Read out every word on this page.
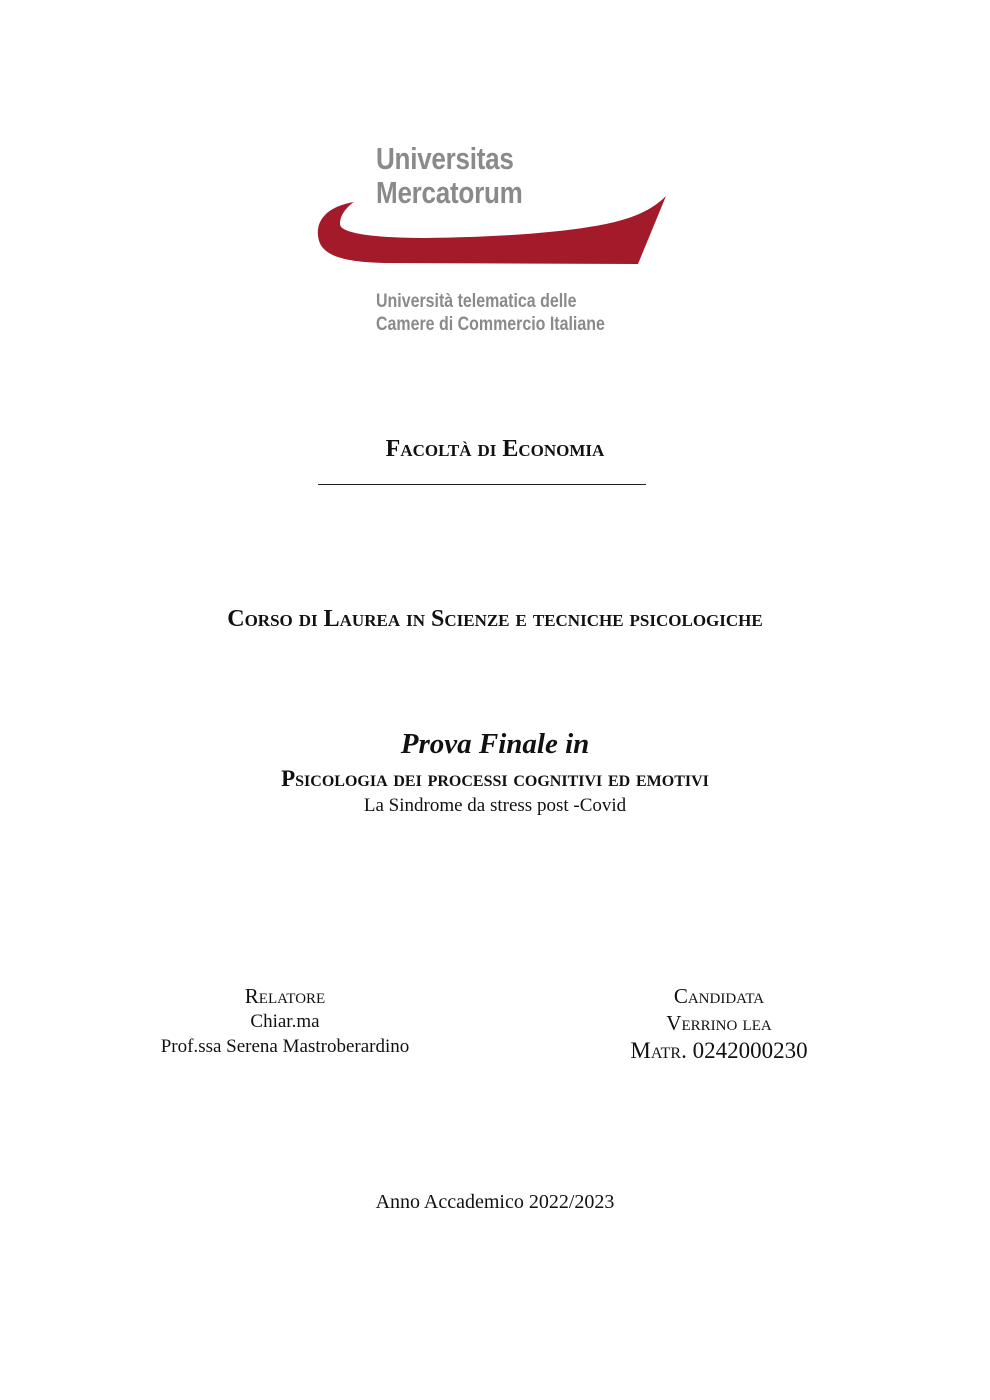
Universitas
Mercatorum
Università telematica delle
Camere di Commercio Italiane
Facoltà di Economia
Corso di Laurea in Scienze e tecniche psicologiche
Prova Finale in
Psicologia dei processi cognitivi ed emotivi
La Sindrome da stress post -Covid
Relatore
Chiar.ma
Prof.ssa Serena Mastroberardino
Candidata
Verrino lea
Matr. 0242000230
Anno Accademico 2022/2023
